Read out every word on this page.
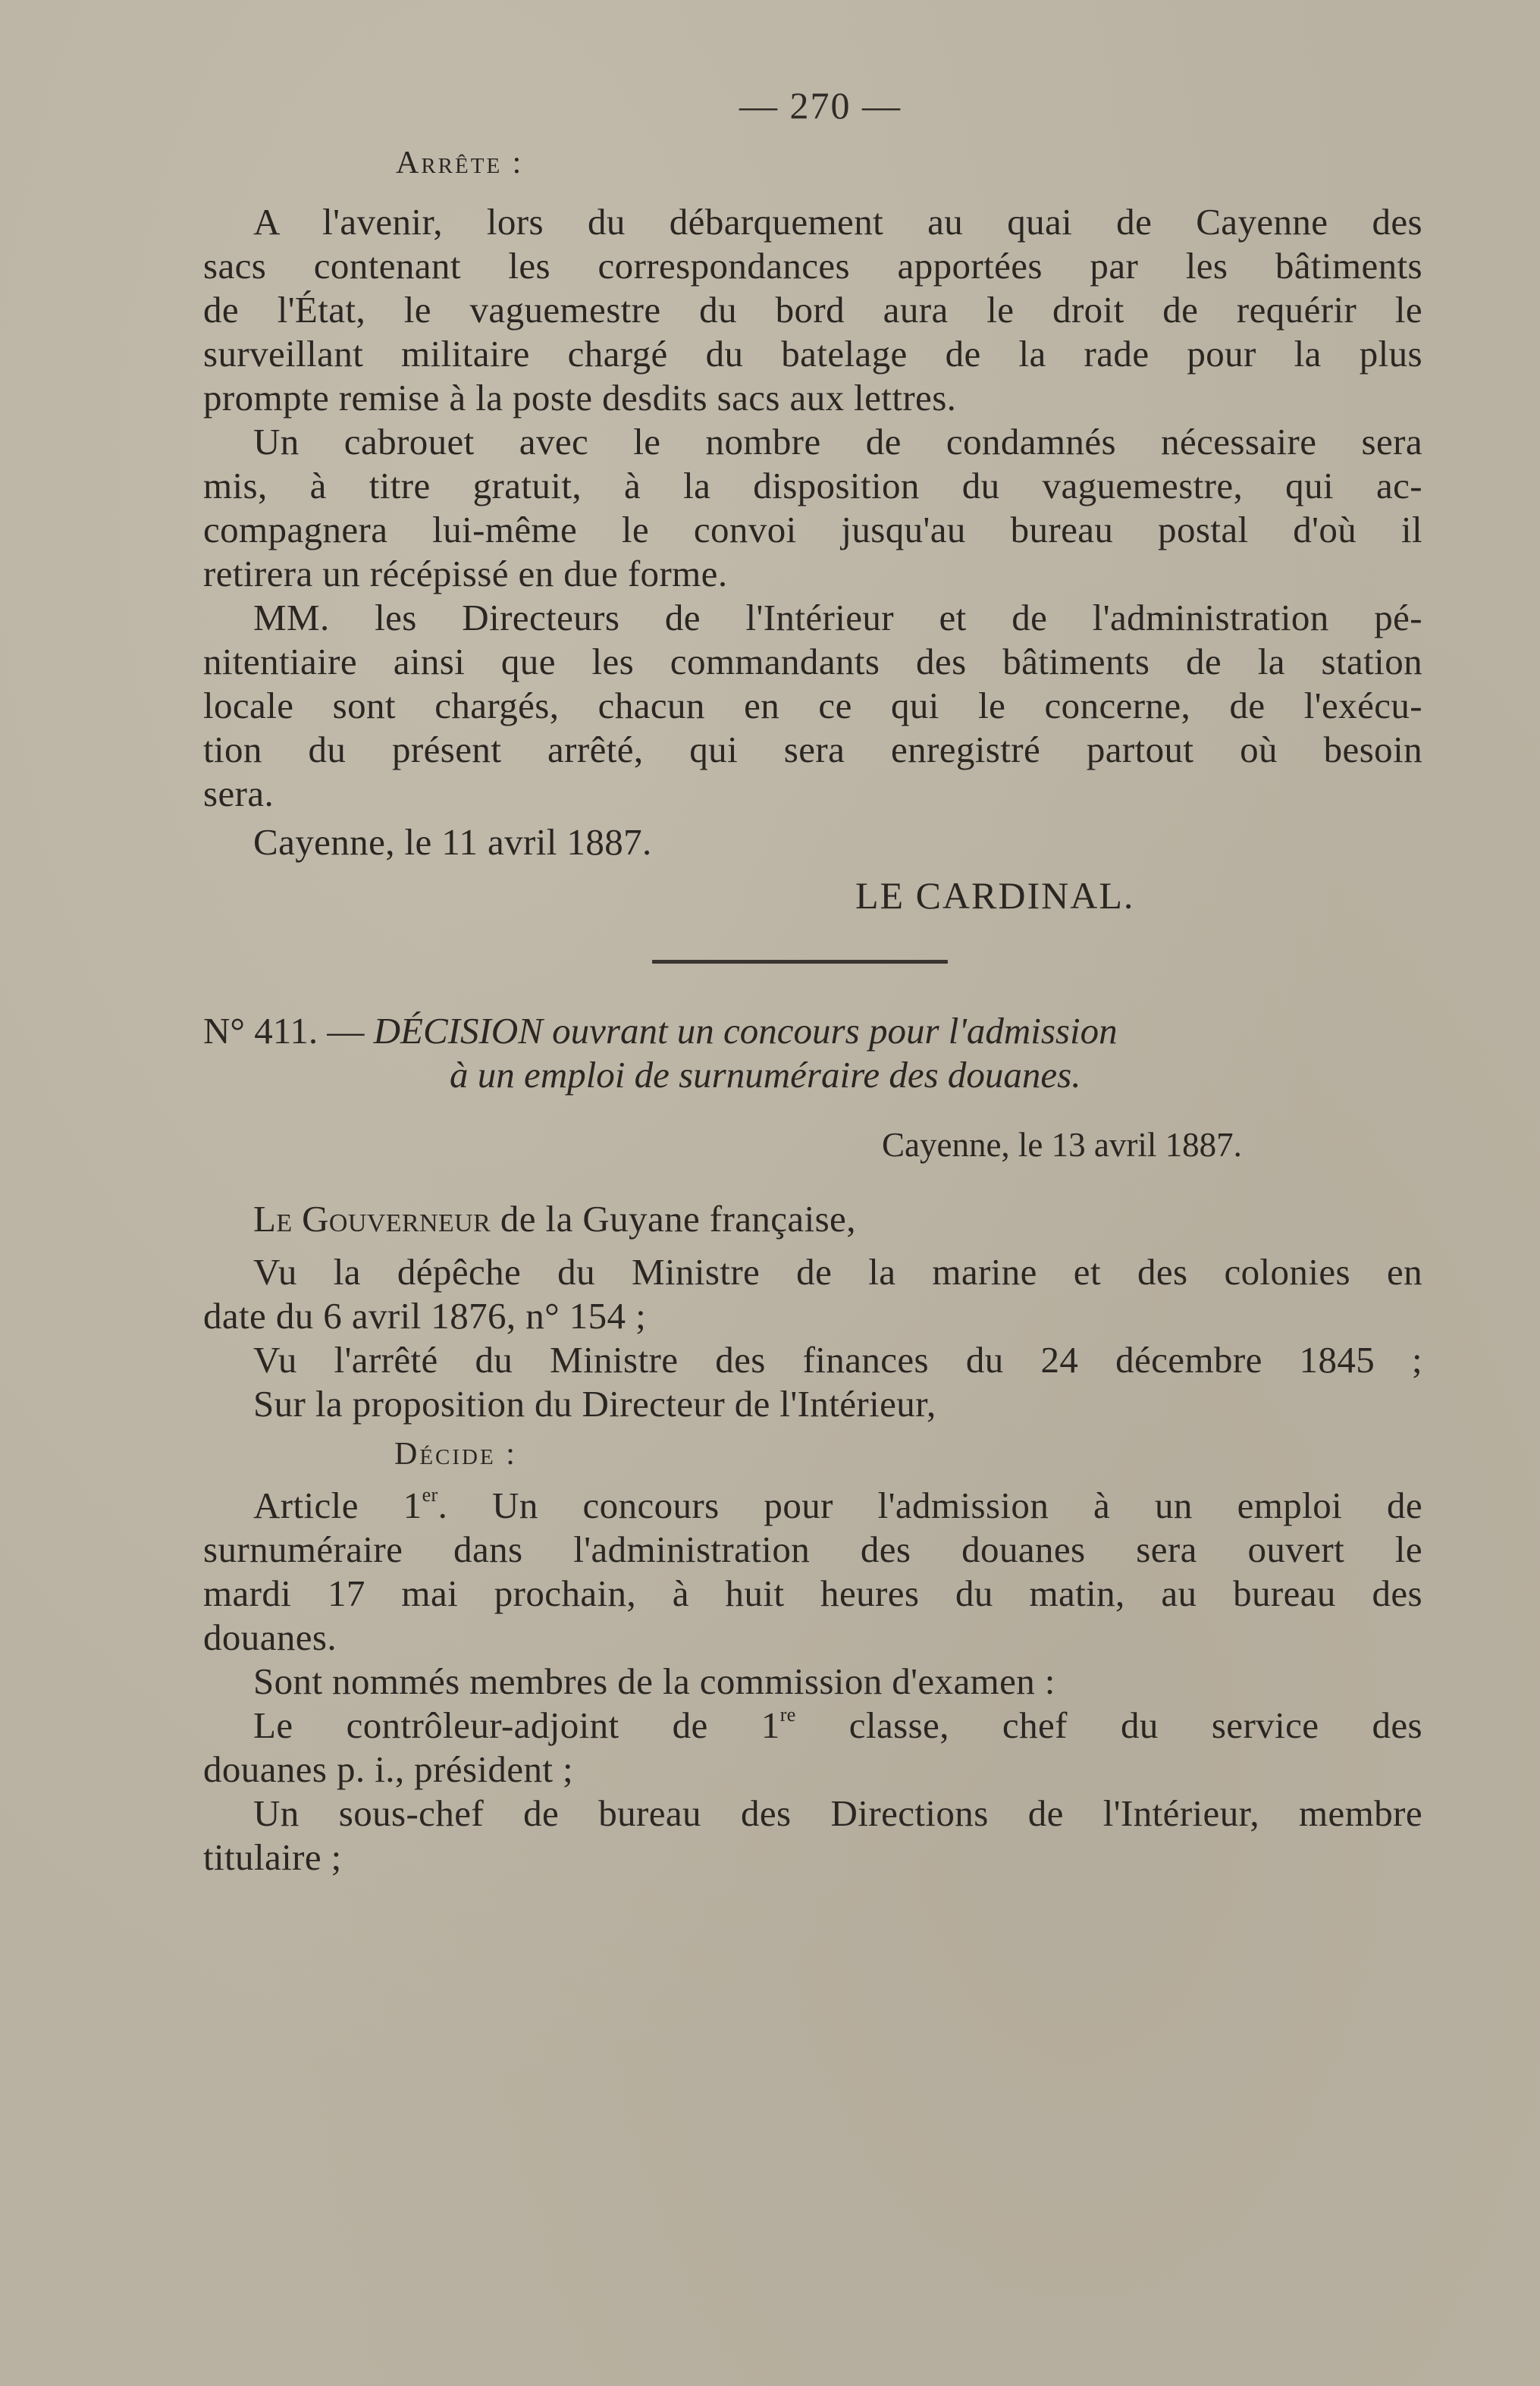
— 270 —
Arrête :
A l'avenir, lors du débarquement au quai de Cayenne des
sacs contenant les correspondances apportées par les bâtiments
de l'État, le vaguemestre du bord aura le droit de requérir le
surveillant militaire chargé du batelage de la rade pour la plus
prompte remise à la poste desdits sacs aux lettres.
Un cabrouet avec le nombre de condamnés nécessaire sera
mis, à titre gratuit, à la disposition du vaguemestre, qui ac-
compagnera lui-même le convoi jusqu'au bureau postal d'où il
retirera un récépissé en due forme.
MM. les Directeurs de l'Intérieur et de l'administration pé-
nitentiaire ainsi que les commandants des bâtiments de la station
locale sont chargés, chacun en ce qui le concerne, de l'exécu-
tion du présent arrêté, qui sera enregistré partout où besoin
sera.
Cayenne, le 11 avril 1887.
LE CARDINAL.
N° 411. — DÉCISION ouvrant un concours pour l'admission
à un emploi de surnuméraire des douanes.
Cayenne, le 13 avril 1887.
Le Gouverneur de la Guyane française,
Vu la dépêche du Ministre de la marine et des colonies en
date du 6 avril 1876, n° 154 ;
Vu l'arrêté du Ministre des finances du 24 décembre 1845 ;
Sur la proposition du Directeur de l'Intérieur,
Décide :
Article 1er. Un concours pour l'admission à un emploi de
surnuméraire dans l'administration des douanes sera ouvert le
mardi 17 mai prochain, à huit heures du matin, au bureau des
douanes.
Sont nommés membres de la commission d'examen :
Le contrôleur-adjoint de 1re classe, chef du service des
douanes p. i., président ;
Un sous-chef de bureau des Directions de l'Intérieur, membre
titulaire ;
